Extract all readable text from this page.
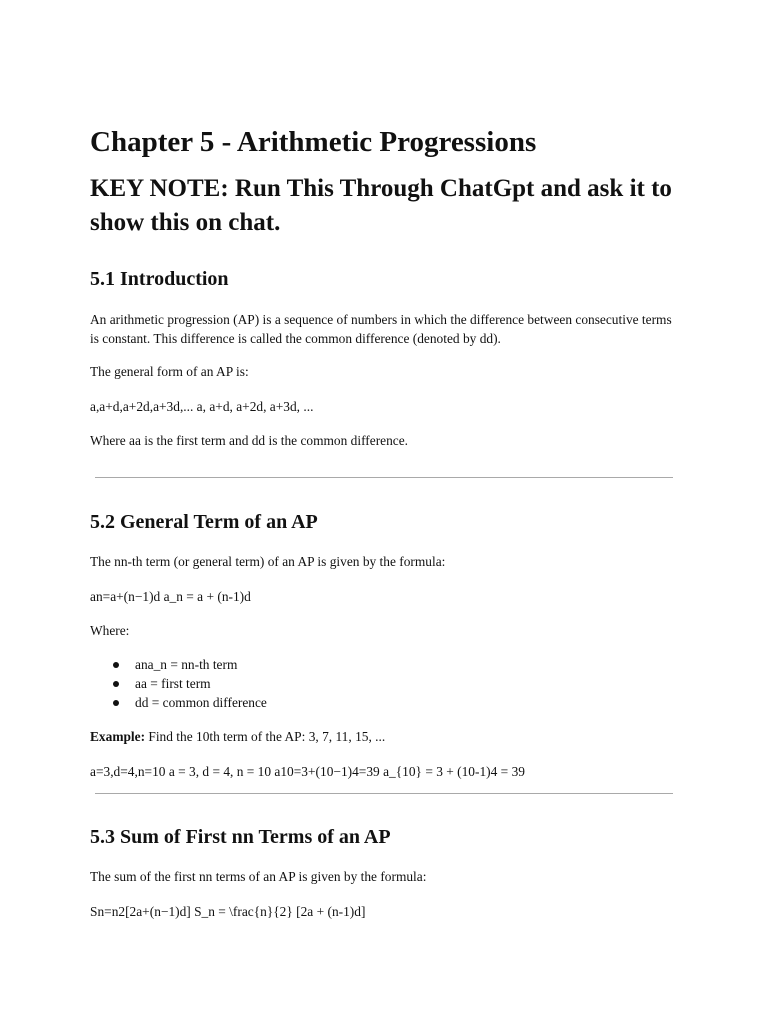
Chapter 5 - Arithmetic Progressions
KEY NOTE: Run This Through ChatGpt and ask it to show this on chat.
5.1 Introduction

An arithmetic progression (AP) is a sequence of numbers in which the difference between consecutive terms is constant. This difference is called the common difference (denoted by dd).

The general form of an AP is:

a,a+d,a+2d,a+3d,... a, a+d, a+2d, a+3d, ...

Where aa is the first term and dd is the common difference.

5.2 General Term of an AP

The nn-th term (or general term) of an AP is given by the formula:

an=a+(n−1)d a_n = a + (n-1)d

Where:

ana_n = nn-th term
aa = first term
dd = common difference

Example: Find the 10th term of the AP: 3, 7, 11, 15, ...

a=3,d=4,n=10 a = 3, d = 4, n = 10 a10=3+(10−1)4=39 a_{10} = 3 + (10-1)4 = 39

5.3 Sum of First nn Terms of an AP

The sum of the first nn terms of an AP is given by the formula:

Sn=n2[2a+(n−1)d] S_n = \frac{n}{2} [2a + (n-1)d]
